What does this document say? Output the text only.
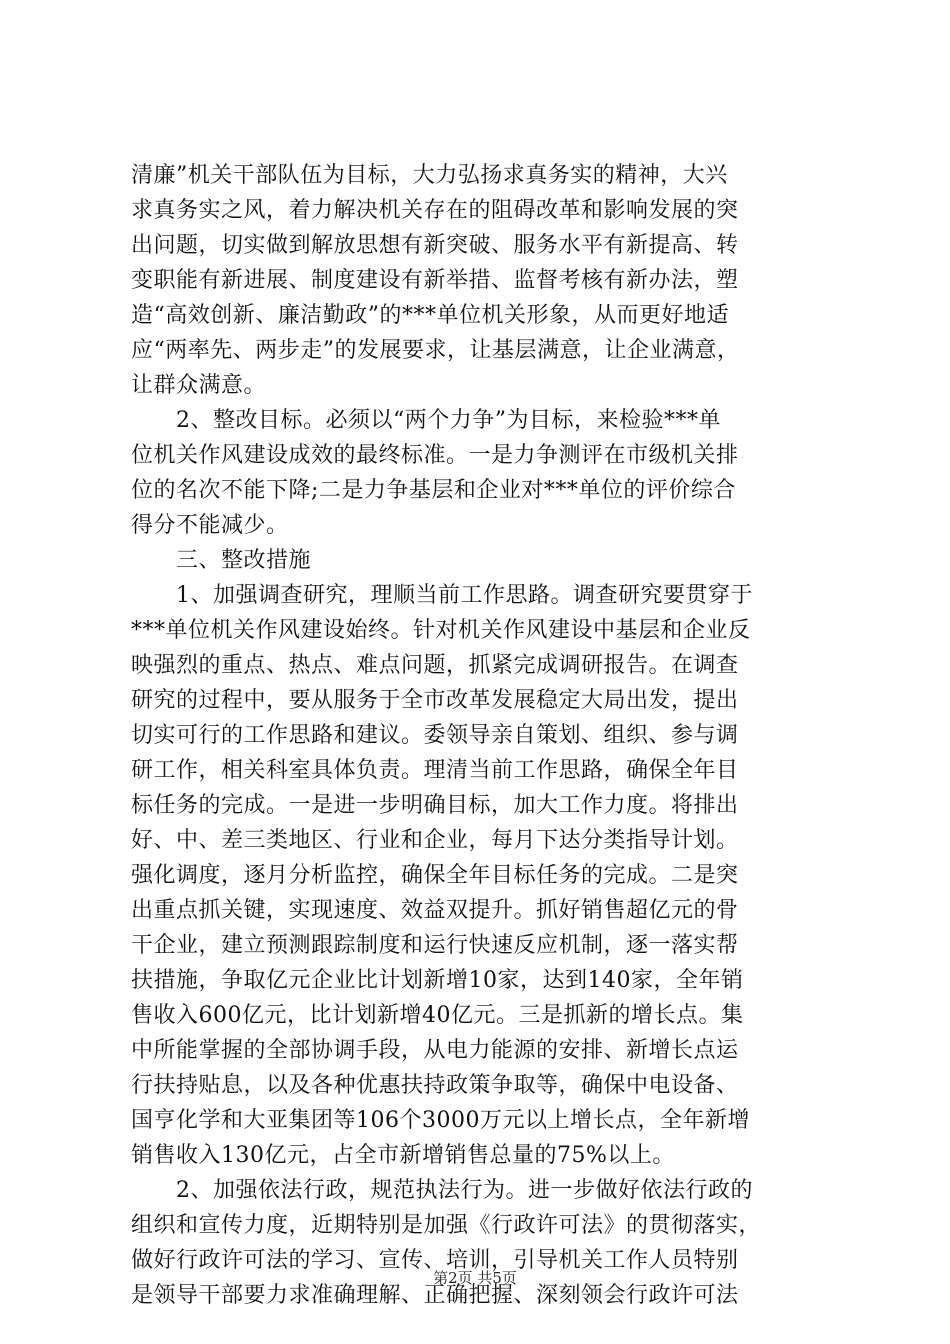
清廉”机关干部队伍为目标，大力弘扬求真务实的精神，大兴
求真务实之风，着力解决机关存在的阻碍改革和影响发展的突
出问题，切实做到解放思想有新突破、服务水平有新提高、转
变职能有新进展、制度建设有新举措、监督考核有新办法，塑
造“高效创新、廉洁勤政”的***单位机关形象，从而更好地适
应“两率先、两步走”的发展要求，让基层满意，让企业满意，
让群众满意。
　　2、整改目标。必须以“两个力争”为目标，来检验***单
位机关作风建设成效的最终标准。一是力争测评在市级机关排
位的名次不能下降;二是力争基层和企业对***单位的评价综合
得分不能减少。
　　三、整改措施
　　1、加强调查研究，理顺当前工作思路。调查研究要贯穿于
***单位机关作风建设始终。针对机关作风建设中基层和企业反
映强烈的重点、热点、难点问题，抓紧完成调研报告。在调查
研究的过程中，要从服务于全市改革发展稳定大局出发，提出
切实可行的工作思路和建议。委领导亲自策划、组织、参与调
研工作，相关科室具体负责。理清当前工作思路，确保全年目
标任务的完成。一是进一步明确目标，加大工作力度。将排出
好、中、差三类地区、行业和企业，每月下达分类指导计划。
强化调度，逐月分析监控，确保全年目标任务的完成。二是突
出重点抓关键，实现速度、效益双提升。抓好销售超亿元的骨
干企业，建立预测跟踪制度和运行快速反应机制，逐一落实帮
扶措施，争取亿元企业比计划新增10家，达到140家，全年销
售收入600亿元，比计划新增40亿元。三是抓新的增长点。集
中所能掌握的全部协调手段，从电力能源的安排、新增长点运
行扶持贴息，以及各种优惠扶持政策争取等，确保中电设备、
国亨化学和大亚集团等106个3000万元以上增长点，全年新增
销售收入130亿元，占全市新增销售总量的75%以上。
　　2、加强依法行政，规范执法行为。进一步做好依法行政的
组织和宣传力度，近期特别是加强《行政许可法》的贯彻落实，
做好行政许可法的学习、宣传、培训，引导机关工作人员特别
是领导干部要力求准确理解、正确把握、深刻领会行政许可法
第2页 共5页
